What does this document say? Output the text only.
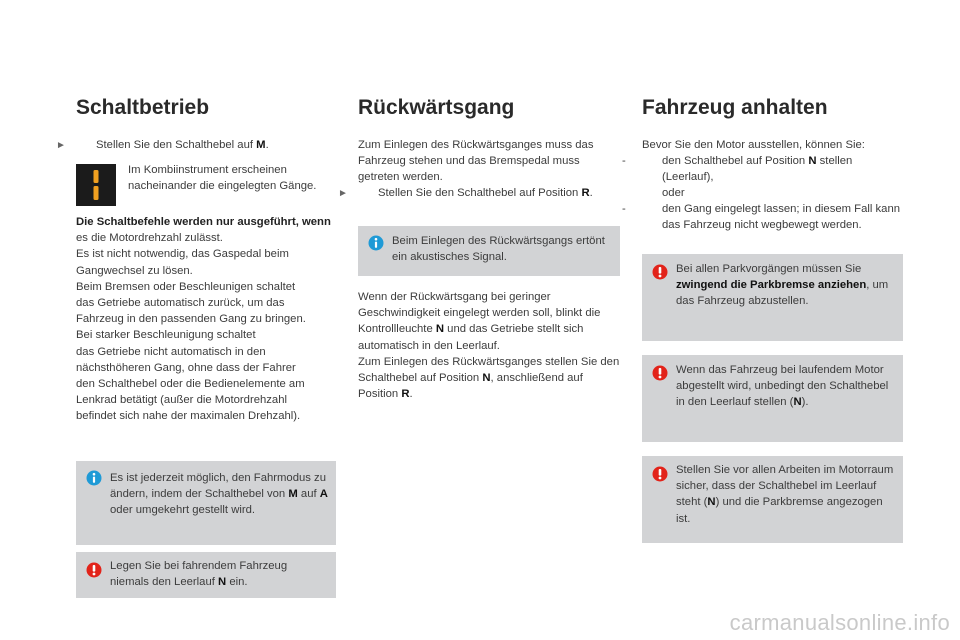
Schaltbetrieb
►	Stellen Sie den Schalthebel auf M.
Im Kombiinstrument erscheinen nacheinander die eingelegten Gänge.
Die Schaltbefehle werden nur ausgeführt, wenn
es die Motordrehzahl zulässt.
Es ist nicht notwendig, das Gaspedal beim
Gangwechsel zu lösen.
Beim Bremsen oder Beschleunigen schaltet
das Getriebe automatisch zurück, um das
Fahrzeug in den passenden Gang zu bringen.
Bei starker Beschleunigung schaltet
das Getriebe nicht automatisch in den
nächsthöheren Gang, ohne dass der Fahrer
den Schalthebel oder die Bedienelemente am
Lenkrad betätigt (außer die Motordrehzahl
befindet sich nahe der maximalen Drehzahl).
Es ist jederzeit möglich, den Fahrmodus zu ändern, indem der Schalthebel von M auf A oder umgekehrt gestellt wird.
Legen Sie bei fahrendem Fahrzeug niemals den Leerlauf N ein.
Rückwärtsgang
Zum Einlegen des Rückwärtsganges muss das Fahrzeug stehen und das Bremspedal muss getreten werden.
►	Stellen Sie den Schalthebel auf Position R.
Beim Einlegen des Rückwärtsgangs ertönt ein akustisches Signal.
Wenn der Rückwärtsgang bei geringer Geschwindigkeit eingelegt werden soll, blinkt die Kontrollleuchte N und das Getriebe stellt sich automatisch in den Leerlauf.
Zum Einlegen des Rückwärtsganges stellen Sie den Schalthebel auf Position N, anschließend auf Position R.
Fahrzeug anhalten
Bevor Sie den Motor ausstellen, können Sie:
-	den Schalthebel auf Position N stellen (Leerlauf),
oder
-	den Gang eingelegt lassen; in diesem Fall kann das Fahrzeug nicht wegbewegt werden.
Bei allen Parkvorgängen müssen Sie zwingend die Parkbremse anziehen, um das Fahrzeug abzustellen.
Wenn das Fahrzeug bei laufendem Motor abgestellt wird, unbedingt den Schalthebel in den Leerlauf stellen (N).
Stellen Sie vor allen Arbeiten im Motorraum sicher, dass der Schalthebel im Leerlauf steht (N) und die Parkbremse angezogen ist.
carmanualsonline.info
